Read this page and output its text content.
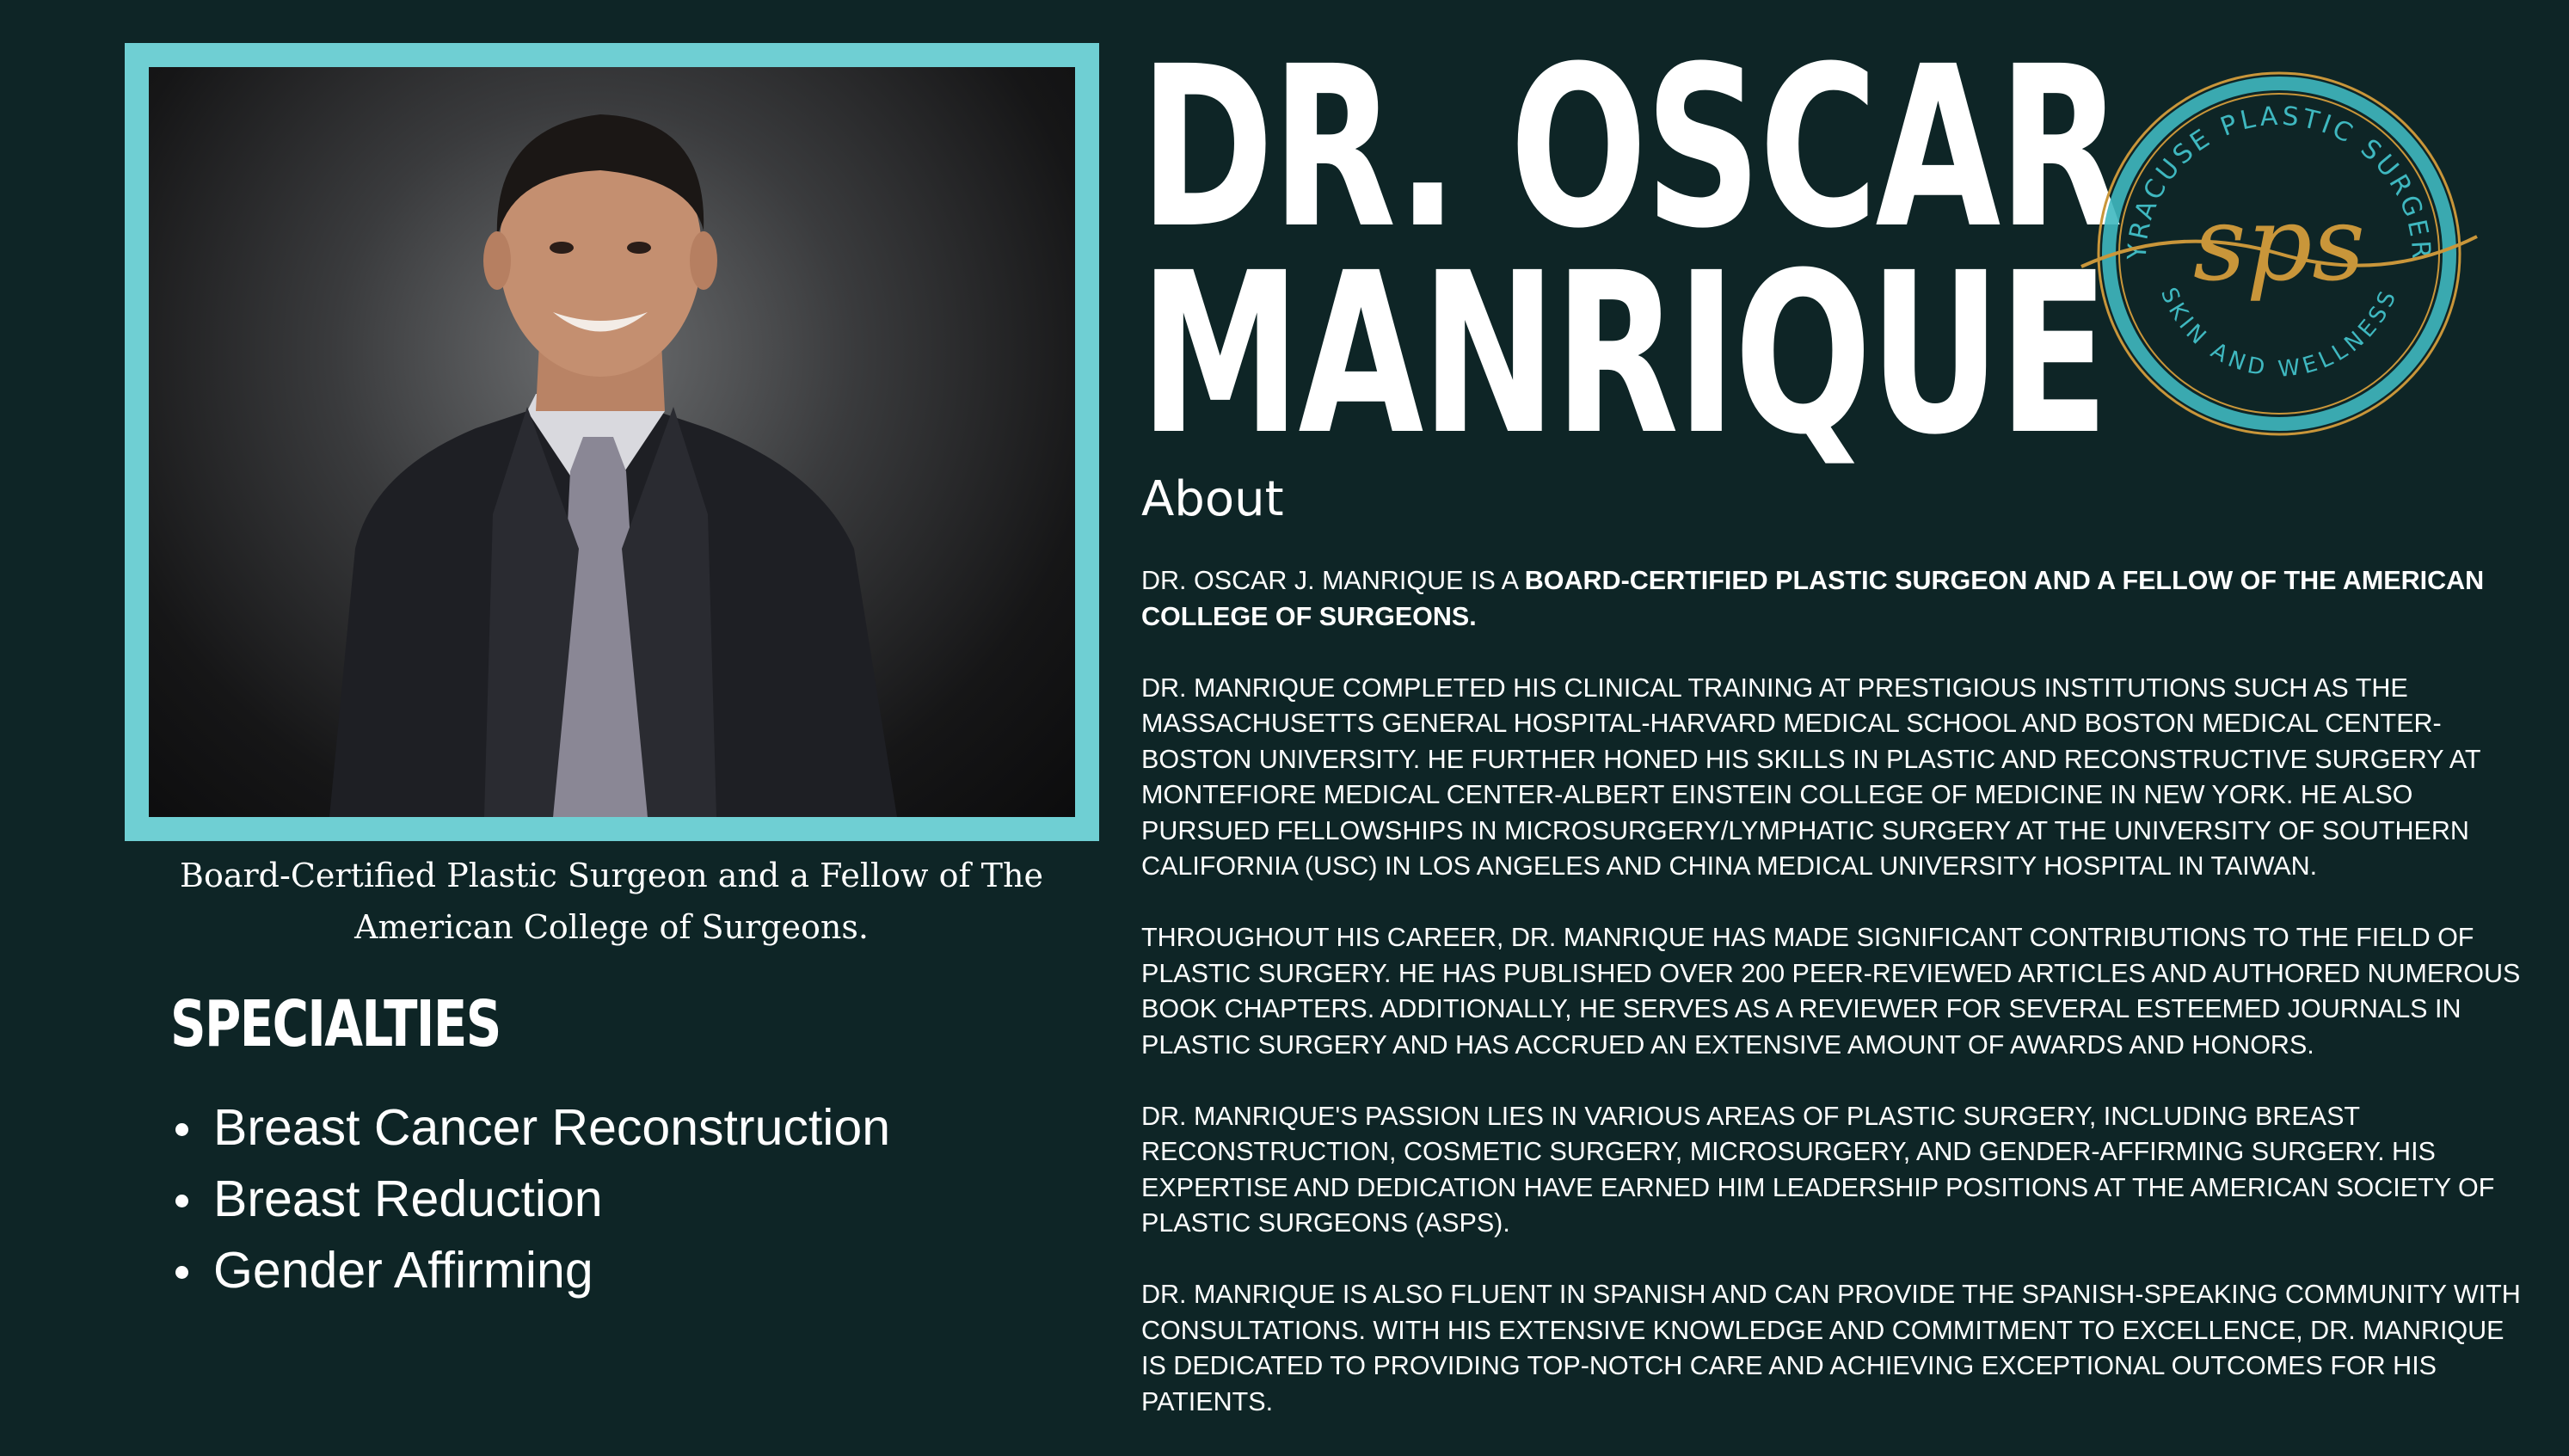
Board-Certified Plastic Surgeon and a Fellow of The American College of Surgeons.
SPECIALTIES
Breast Cancer Reconstruction
Breast Reduction
Gender Affirming
DR. OSCAR
MANRIQUE
About

DR. OSCAR J. MANRIQUE IS A BOARD-CERTIFIED PLASTIC SURGEON AND A FELLOW OF THE AMERICAN COLLEGE OF SURGEONS.

DR. MANRIQUE COMPLETED HIS CLINICAL TRAINING AT PRESTIGIOUS INSTITUTIONS SUCH AS THE MASSACHUSETTS GENERAL HOSPITAL-HARVARD MEDICAL SCHOOL AND BOSTON MEDICAL CENTER-BOSTON UNIVERSITY. HE FURTHER HONED HIS SKILLS IN PLASTIC AND RECONSTRUCTIVE SURGERY AT MONTEFIORE MEDICAL CENTER-ALBERT EINSTEIN COLLEGE OF MEDICINE IN NEW YORK. HE ALSO PURSUED FELLOWSHIPS IN MICROSURGERY/LYMPHATIC SURGERY AT THE UNIVERSITY OF SOUTHERN CALIFORNIA (USC) IN LOS ANGELES AND CHINA MEDICAL UNIVERSITY HOSPITAL IN TAIWAN.

THROUGHOUT HIS CAREER, DR. MANRIQUE HAS MADE SIGNIFICANT CONTRIBUTIONS TO THE FIELD OF PLASTIC SURGERY. HE HAS PUBLISHED OVER 200 PEER-REVIEWED ARTICLES AND AUTHORED NUMEROUS BOOK CHAPTERS. ADDITIONALLY, HE SERVES AS A REVIEWER FOR SEVERAL ESTEEMED JOURNALS IN PLASTIC SURGERY AND HAS ACCRUED AN EXTENSIVE AMOUNT OF AWARDS AND HONORS.

DR. MANRIQUE'S PASSION LIES IN VARIOUS AREAS OF PLASTIC SURGERY, INCLUDING BREAST RECONSTRUCTION, COSMETIC SURGERY, MICROSURGERY, AND GENDER-AFFIRMING SURGERY. HIS EXPERTISE AND DEDICATION HAVE EARNED HIM LEADERSHIP POSITIONS AT THE AMERICAN SOCIETY OF PLASTIC SURGEONS (ASPS).

DR. MANRIQUE IS ALSO FLUENT IN SPANISH AND CAN PROVIDE THE SPANISH-SPEAKING COMMUNITY WITH CONSULTATIONS. WITH HIS EXTENSIVE KNOWLEDGE AND COMMITMENT TO EXCELLENCE, DR. MANRIQUE IS DEDICATED TO PROVIDING TOP-NOTCH CARE AND ACHIEVING EXCEPTIONAL OUTCOMES FOR HIS PATIENTS.

YRACUSE PLASTIC SURGER
SKIN AND WELLNESS
sps
